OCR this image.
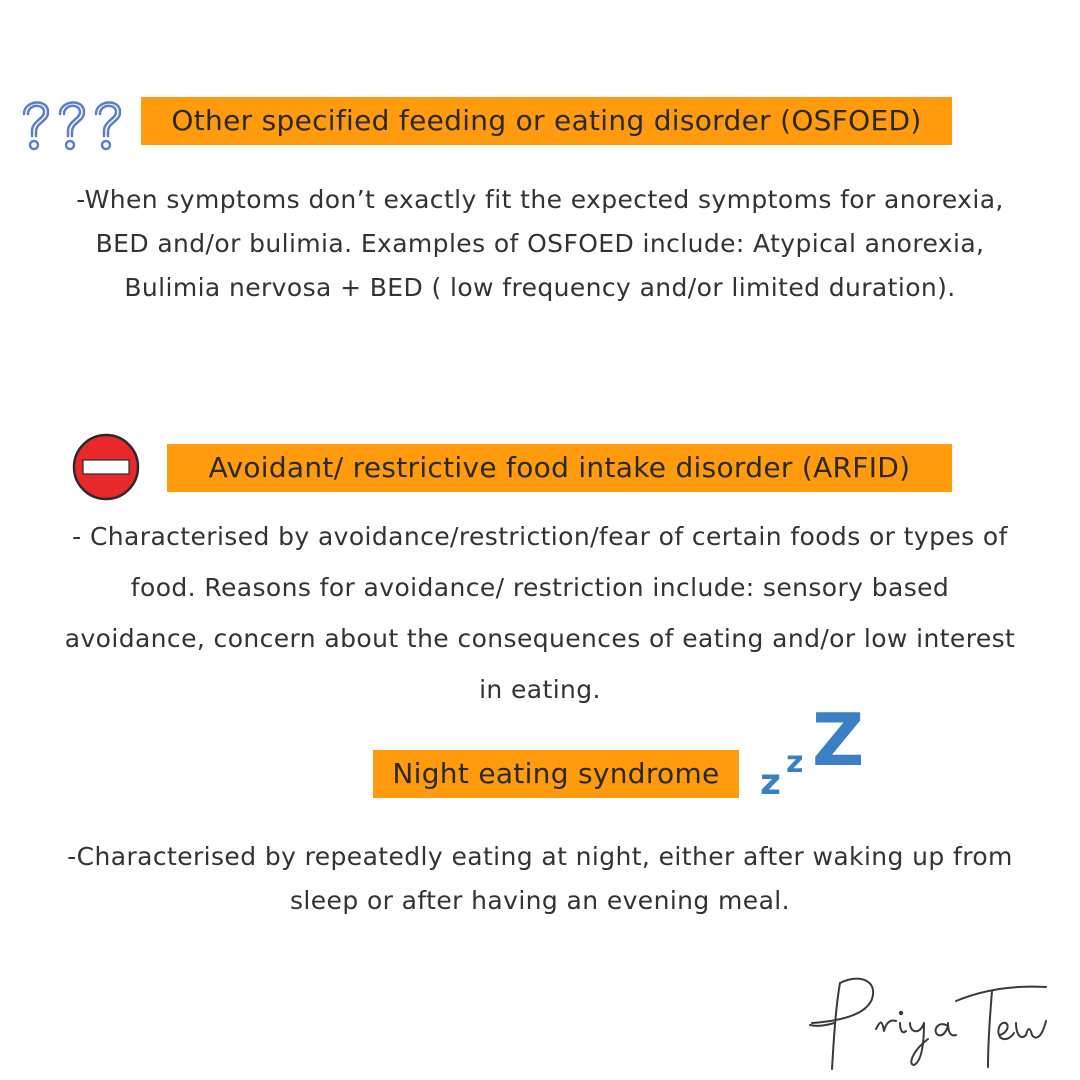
Other specified feeding or eating disorder (OSFOED)
-When symptoms don’t exactly fit the expected symptoms for anorexia, BED and/or bulimia. Examples of OSFOED include: Atypical anorexia, Bulimia nervosa + BED ( low frequency and/or limited duration).
Avoidant/ restrictive food intake disorder (ARFID)
- Characterised by avoidance/restriction/fear of certain foods or types of food. Reasons for avoidance/ restriction include: sensory based avoidance, concern about the consequences of eating and/or low interest in eating.
Night eating syndrome	z z Z
-Characterised by repeatedly eating at night, either after waking up from sleep or after having an evening meal.
